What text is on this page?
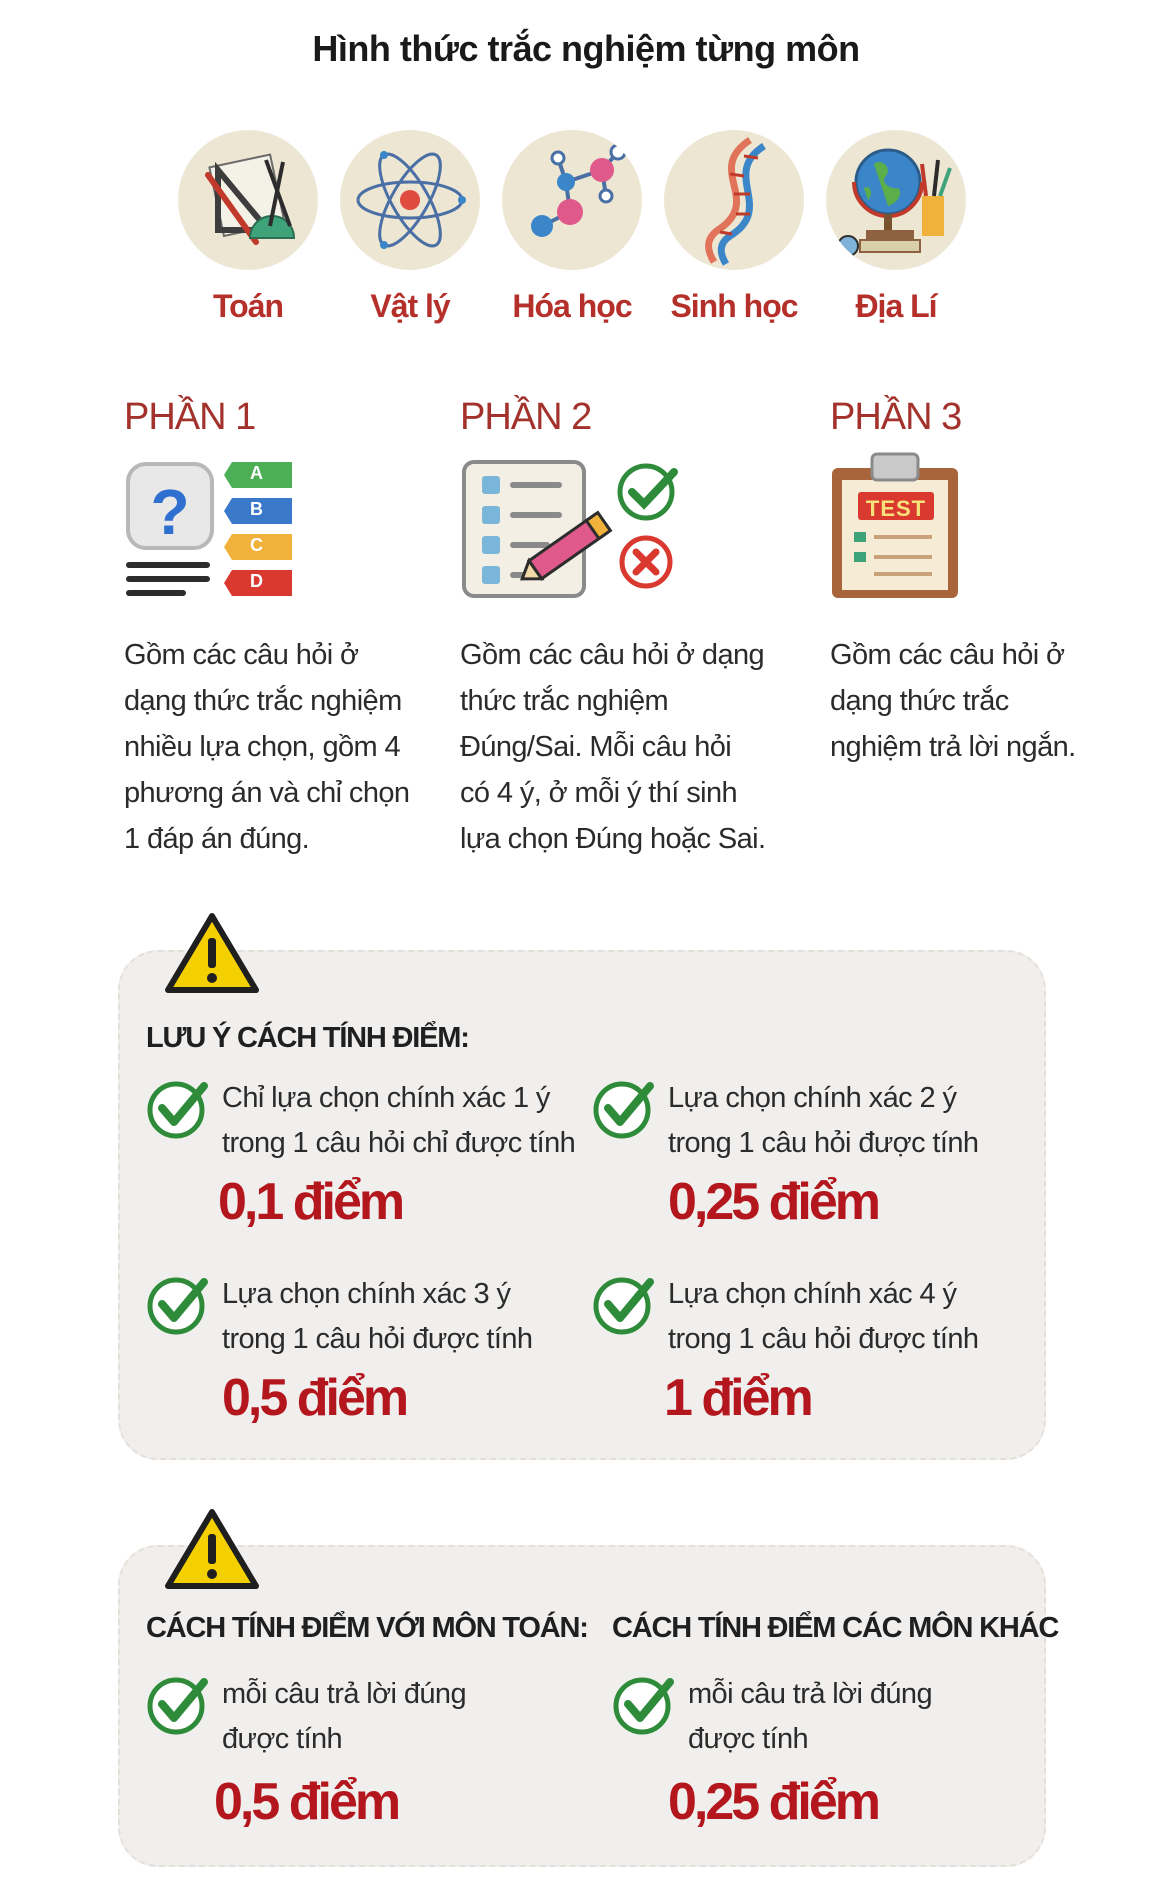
Hình thức trắc nghiệm từng môn
Toán	Vật lý	Hóa học	Sinh học	Địa Lí
PHẦN 1
?
A
B
C
D
Gồm các câu hỏi ở
dạng thức trắc nghiệm
nhiều lựa chọn, gồm 4
phương án và chỉ chọn
1 đáp án đúng.
PHẦN 2
Gồm các câu hỏi ở dạng
thức trắc nghiệm
Đúng/Sai. Mỗi câu hỏi
có 4 ý, ở mỗi ý thí sinh
lựa chọn Đúng hoặc Sai.
PHẦN 3
TEST
Gồm các câu hỏi ở
dạng thức trắc
nghiệm trả lời ngắn.
LƯU Ý CÁCH TÍNH ĐIỂM:
Chỉ lựa chọn chính xác 1 ý
trong 1 câu hỏi chỉ được tính
0,1 điểm
Lựa chọn chính xác 2 ý
trong 1 câu hỏi được tính
0,25 điểm
Lựa chọn chính xác 3 ý
trong 1 câu hỏi được tính
0,5 điểm
Lựa chọn chính xác 4 ý
trong 1 câu hỏi được tính
1 điểm
CÁCH TÍNH ĐIỂM VỚI MÔN TOÁN: CÁCH TÍNH ĐIỂM CÁC MÔN KHÁC
mỗi câu trả lời đúng
được tính
0,5 điểm
mỗi câu trả lời đúng
được tính
0,25 điểm
